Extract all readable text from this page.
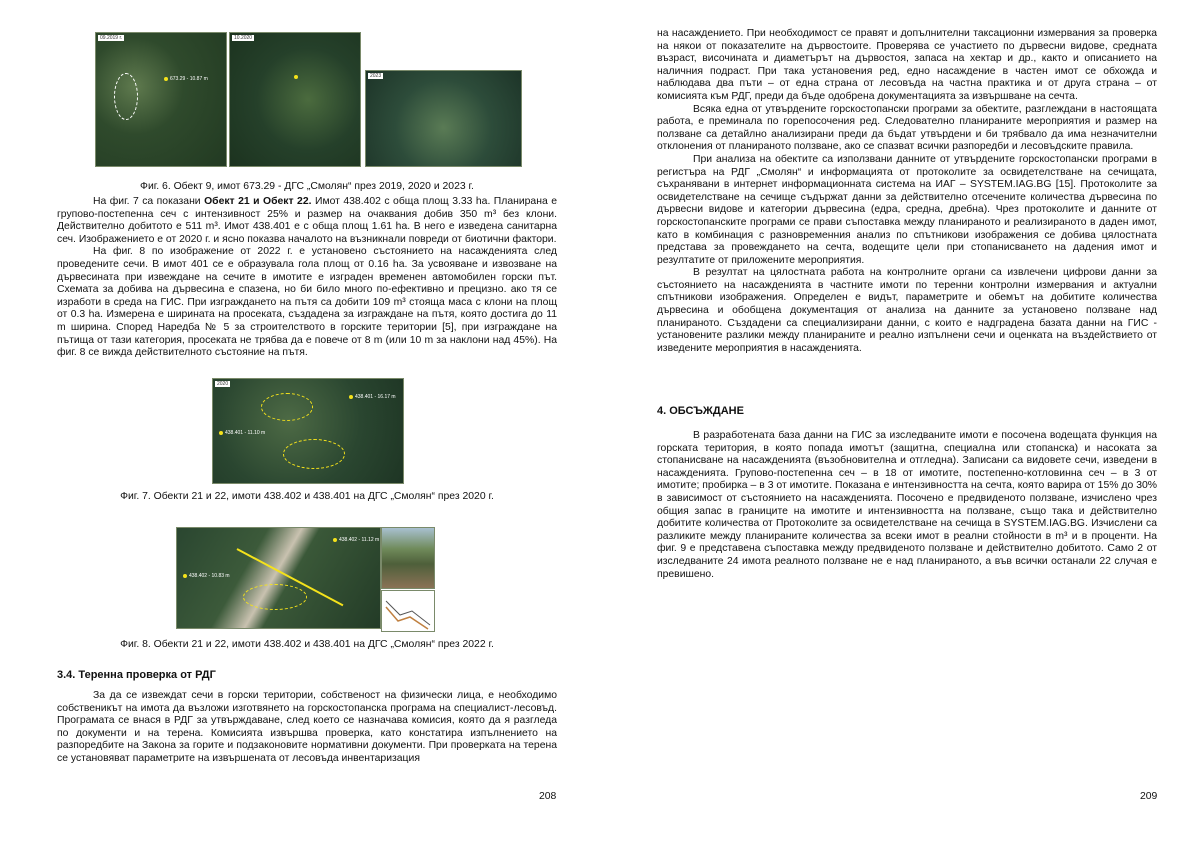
09.2019 г.
673.29 - 10.87 m
10.2020
2023
Фиг. 6. Обект 9, имот 673.29 - ДГС „Смолян“ през 2019, 2020 и 2023 г.

На фиг. 7 са показани Обект 21 и Обект 22. Имот 438.402 с обща площ 3.33 ha. Планирана е групово-постепенна сеч с интензивност 25% и размер на очаквания добив 350 m³ без клони. Действително добитото е 511 m³. Имот 438.401 е с обща площ 1.61 ha. В него е изведена санитарна сеч. Изображението е от 2020 г. и ясно показва началото на възникнали повреди от биотични фактори.

На фиг. 8 по изображение от 2022 г. е установено състоянието на насажденията след проведените сечи. В имот 401 се е образувала гола площ от 0.16 ha. За усвояване и извозване на дървесината при извеждане на сечите в имотите е изграден временен автомобилен горски път. Схемата за добива на дървесина е спазена, но би било много по-ефективно и прецизно. ако тя се изработи в среда на ГИС. При изграждането на пътя са добити 109 m³ стояща маса с клони на площ от 0.3 ha. Измерена е ширината на просеката, създадена за изграждане на пътя, която достига до 11 m ширина. Според Наредба № 5 за строителството в горските територии [5], при изграждане на пътища от тази категория, просеката не трябва да е повече от 8 m (или 10 m за наклони над 45%). На фиг. 8 се вижда действителното състояние на пътя.

2020
438.401 - 16.17 m
438.401 - 11.10 m
Фиг. 7. Обекти 21 и 22, имоти 438.402 и 438.401 на ДГС „Смолян“ през 2020 г.
438.402 - 11.12 m
438.402 - 10.83 m
Фиг. 8. Обекти 21 и 22, имоти 438.402 и 438.401 на ДГС „Смолян“ през 2022 г.
3.4. Теренна проверка от РДГ

За да се извеждат сечи в горски територии, собственост на физически лица, е необходимо собственикът на имота да възложи изготвянето на горскостопанска програма на специалист-лесовъд. Програмата се внася в РДГ за утвърждаване, след което се назначава комисия, която да я разгледа по документи и на терена. Комисията извършва проверка, като констатира изпълнението на разпоредбите на Закона за горите и подзаконовите нормативни документи. При проверката на терена се установяват параметрите на извършената от лесовъда инвентаризация

208

на насаждението. При необходимост се правят и допълнителни таксационни измервания за проверка на някои от показателите на дървостоите. Проверява се участието по дървесни видове, средната възраст, височината и диаметърът на дървостоя, запаса на хектар и др., както и описанието на наличния подраст. При така установения ред, едно насаждение в частен имот се обхожда и наблюдава два пъти – от една страна от лесовъда на частна практика и от друга страна – от комисията към РДГ, преди да бъде одобрена документацията за извършване на сечта.

Всяка една от утвърдените горскостопански програми за обектите, разглеждани в настоящата работа, е преминала по горепосочения ред. Следователно планираните мероприятия и размер на ползване са детайлно анализирани преди да бъдат утвърдени и би трябвало да има незначителни отклонения от планираното ползване, ако се спазват всички разпоредби и лесовъдските правила.

При анализа на обектите са използвани данните от утвърдените горскостопански програми в регистъра на РДГ „Смолян“ и информацията от протоколите за освидетелстване на сечищата, съхранявани в интернет информационната система на ИАГ – SYSTEM.IAG.BG [15]. Протоколите за освидетелстване на сечище съдържат данни за действително отсечените количества дървесина по дървесни видове и категории дървесина (едра, средна, дребна). Чрез протоколите и данните от горскостопанските програми се прави съпоставка между планираното и реализираното в даден имот, като в комбинация с разновременния анализ по спътникови изображения се добива цялостната представа за провеждането на сечта, водещите цели при стопанисването на дадения имот и резултатите от приложените мероприятия.

В резултат на цялостната работа на контролните органи са извлечени цифрови данни за състоянието на насажденията в частните имоти по теренни контролни измервания и актуални спътникови изображения. Определен е видът, параметрите и обемът на добитите количества дървесина и обобщена документация от анализа на данните за установено ползване над планираното. Създадени са специализирани данни, с които е надградена базата данни на ГИС - установените разлики между планираните и реално изпълнени сечи и оценката на въздействието от изведените мероприятия в насажденията.

4. ОБСЪЖДАНЕ

В разработената база данни на ГИС за изследваните имоти е посочена водещата функция на горската територия, в която попада имотът (защитна, специална или стопанска) и насоката за стопанисване на насажденията (възобновителна и отгледна). Записани са видовете сечи, изведени в насажденията. Групово-постепенна сеч – в 18 от имотите, постепенно-котловинна сеч – в 3 от имотите; пробирка – в 3 от имотите. Показана е интензивността на сечта, която варира от 15% до 30% в зависимост от състоянието на насажденията. Посочено е предвиденото ползване, изчислено чрез общия запас в границите на имотите и интензивността на ползване, също така и действително добитите количества от Протоколите за освидетелстване на сечища в SYSTEM.IAG.BG. Изчислени са разликите между планираните количества за всеки имот в реални стойности в m³ и в проценти. На фиг. 9 е представена съпоставка между предвиденото ползване и действително добитото. Само 2 от изследваните 24 имота реалното ползване не е над планираното, а във всички останали 22 случая е превишено.

209
